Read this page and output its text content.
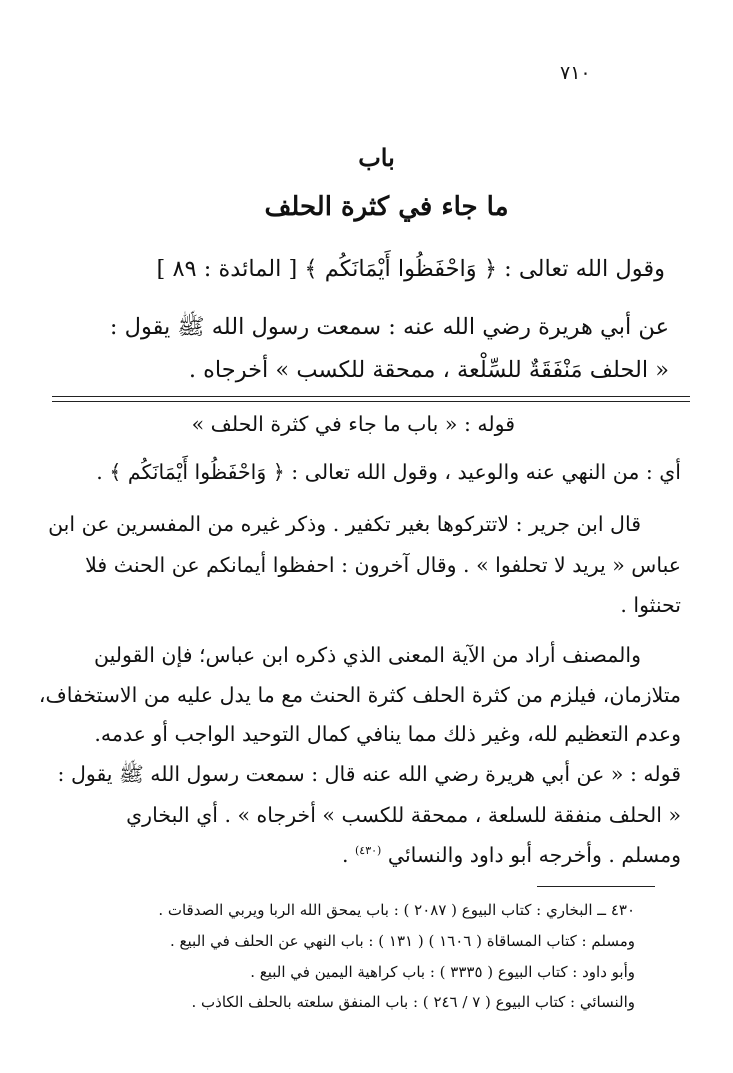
٧١٠
باب
ما جاء في كثرة الحلف
وقول الله تعالى : ﴿ وَاحْفَظُوا أَيْمَانَكُم ﴾ [ المائدة : ٨٩ ]
عن أبي هريرة رضي الله عنه : سمعت رسول الله ﷺ يقول :
« الحلف مَنْفَقَةٌ للسِّلْعة ، ممحقة للكسب » أخرجاه .
قوله : « باب ما جاء في كثرة الحلف »
أي : من النهي عنه والوعيد ، وقول الله تعالى : ﴿ وَاحْفَظُوا أَيْمَانَكُم ﴾ .
قال ابن جرير : لاتتركوها بغير تكفير . وذكر غيره من المفسرين عن ابن
عباس « يريد لا تحلفوا » . وقال آخرون : احفظوا أيمانكم عن الحنث فلا
تحنثوا .
والمصنف أراد من الآية المعنى الذي ذكره ابن عباس؛ فإن القولين
متلازمان، فيلزم من كثرة الحلف كثرة الحنث مع ما يدل عليه من الاستخفاف،
وعدم التعظيم لله، وغير ذلك مما ينافي كمال التوحيد الواجب أو عدمه.
قوله : « عن أبي هريرة رضي الله عنه قال : سمعت رسول الله ﷺ يقول :
« الحلف منفقة للسلعة ، ممحقة للكسب » أخرجاه » . أي البخاري
ومسلم . وأخرجه أبو داود والنسائي $^{(٤٣٠)}$ .
٤٣٠ ــ البخاري : كتاب البيوع ( ٢٠٨٧ ) : باب يمحق الله الربا ويربي الصدقات .
ومسلم : كتاب المساقاة ( ١٦٠٦ ) ( ١٣١ ) : باب النهي عن الحلف في البيع .
وأبو داود : كتاب البيوع ( ٣٣٣٥ ) : باب كراهية اليمين في البيع .
والنسائي : كتاب البيوع ( ٧ / ٢٤٦ ) : باب المنفق سلعته بالحلف الكاذب .
